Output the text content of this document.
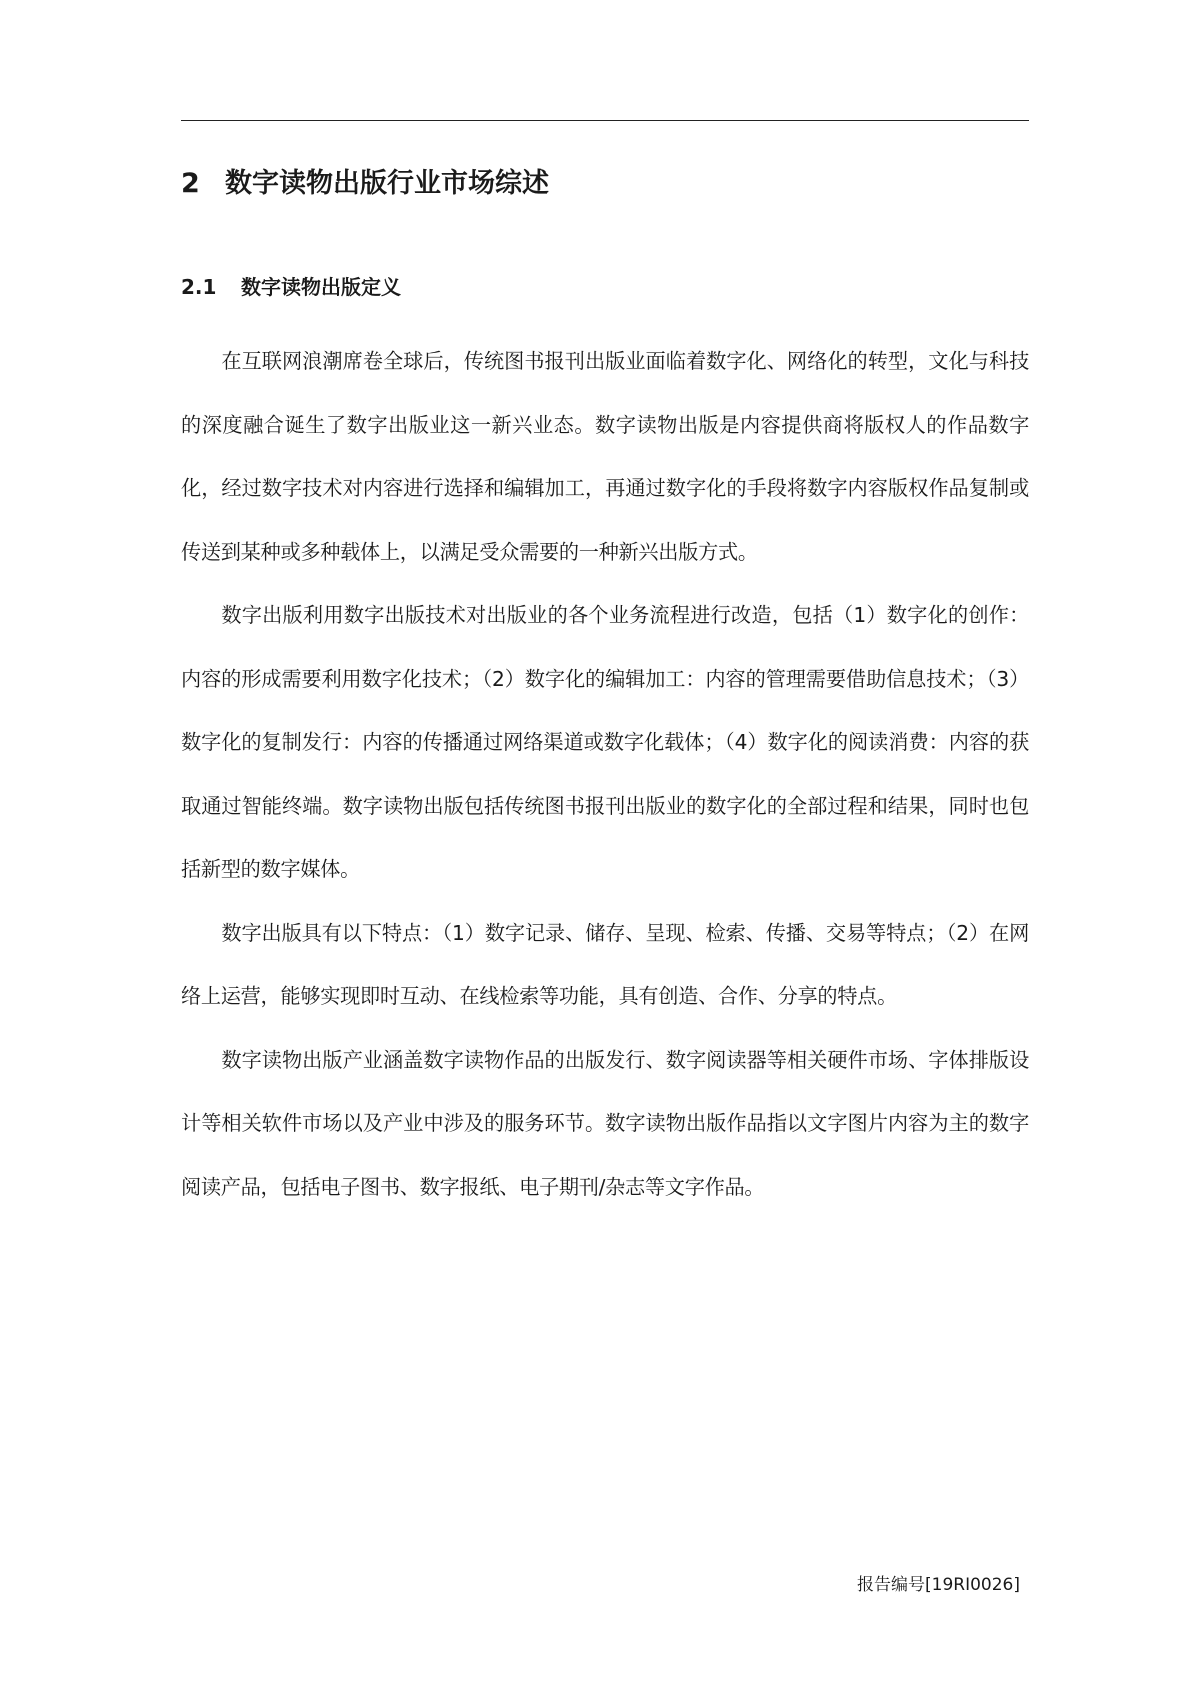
2 数字读物出版行业市场综述
2.1 数字读物出版定义

在互联网浪潮席卷全球后，传统图书报刊出版业面临着数字化、网络化的转型，文化与科技的深度融合诞生了数字出版业这一新兴业态。数字读物出版是内容提供商将版权人的作品数字化，经过数字技术对内容进行选择和编辑加工，再通过数字化的手段将数字内容版权作品复制或传送到某种或多种载体上，以满足受众需要的一种新兴出版方式。

数字出版利用数字出版技术对出版业的各个业务流程进行改造，包括（1）数字化的创作：内容的形成需要利用数字化技术；（2）数字化的编辑加工：内容的管理需要借助信息技术；（3）数字化的复制发行：内容的传播通过网络渠道或数字化载体；（4）数字化的阅读消费：内容的获取通过智能终端。数字读物出版包括传统图书报刊出版业的数字化的全部过程和结果，同时也包括新型的数字媒体。

数字出版具有以下特点：（1）数字记录、储存、呈现、检索、传播、交易等特点；（2）在网络上运营，能够实现即时互动、在线检索等功能，具有创造、合作、分享的特点。

数字读物出版产业涵盖数字读物作品的出版发行、数字阅读器等相关硬件市场、字体排版设计等相关软件市场以及产业中涉及的服务环节。数字读物出版作品指以文字图片内容为主的数字阅读产品，包括电子图书、数字报纸、电子期刊/杂志等文字作品。

报告编号[19RI0026]
